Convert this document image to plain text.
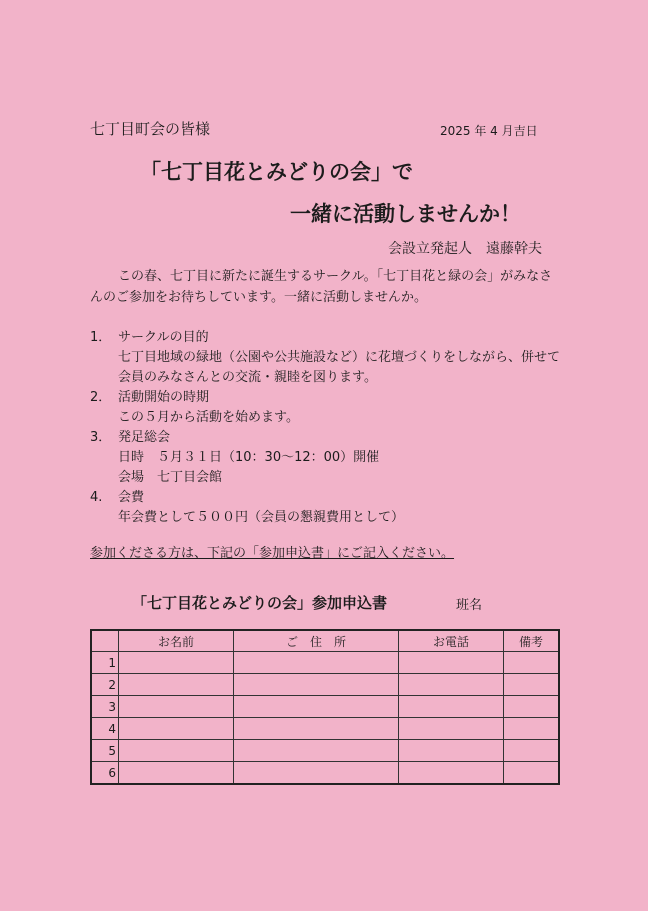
七丁目町会の皆様	2025 年 4 月吉日
「七丁目花とみどりの会」で
一緒に活動しませんか！
会設立発起人　遠藤幹夫
この春、七丁目に新たに誕生するサークル。「七丁目花と緑の会」がみなさ
んのご参加をお待ちしています。一緒に活動しませんか。
1． サークルの目的
七丁目地域の緑地（公園や公共施設など）に花壇づくりをしながら、併せて
会員のみなさんとの交流・親睦を図ります。
2． 活動開始の時期
この５月から活動を始めます。
3． 発足総会
日時　５月３１日（10：30〜12：00）開催
会場　七丁目会館
4.	会費
年会費として５００円（会員の懇親費用として）
参加くださる方は、下記の「参加申込書」にご記入ください。
「七丁目花とみどりの会」参加申込書	班名
	お名前	ご　住　所	お電話	備考
1				
2				
3				
4				
5				
6				
